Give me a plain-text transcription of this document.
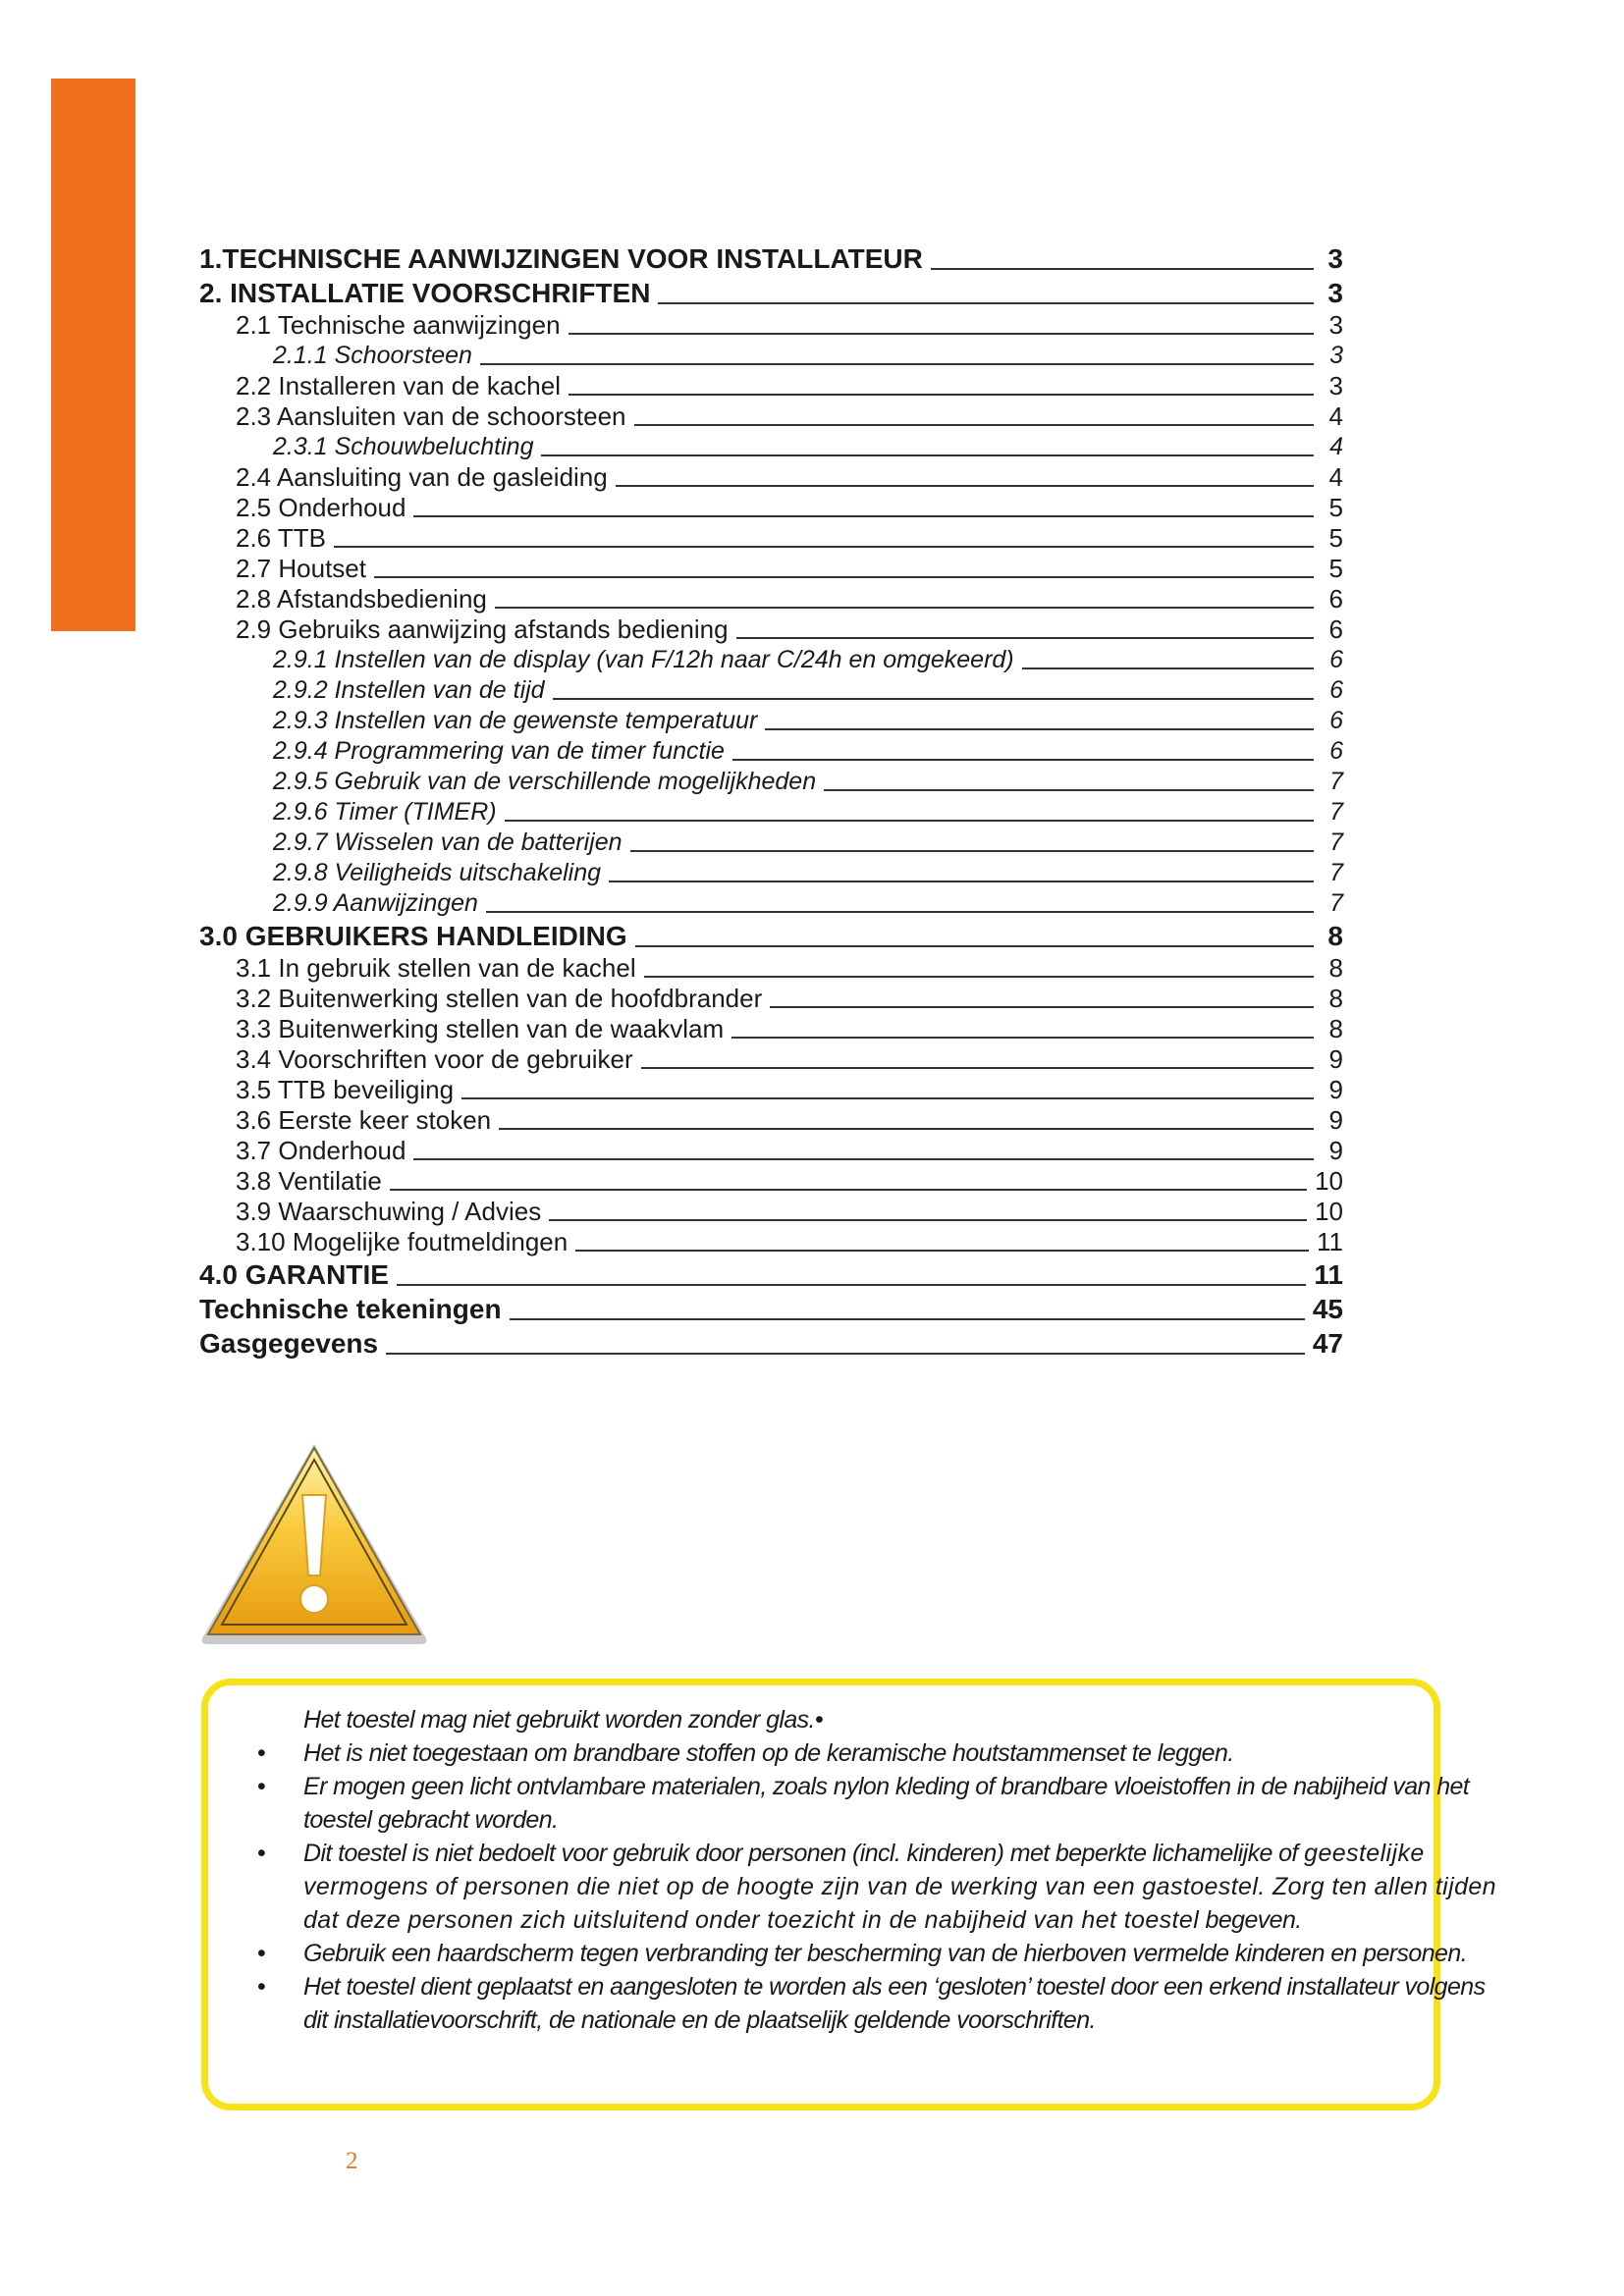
1.TECHNISCHE AANWIJZINGEN VOOR INSTALLATEUR	3
2. INSTALLATIE VOORSCHRIFTEN	3
2.1 Technische aanwijzingen	3
2.1.1 Schoorsteen	3
2.2 Installeren van de kachel	3
2.3 Aansluiten van de schoorsteen	4
2.3.1 Schouwbeluchting	4
2.4 Aansluiting van de gasleiding	4
2.5 Onderhoud	5
2.6 TTB	5
2.7 Houtset	5
2.8 Afstandsbediening	6
2.9 Gebruiks aanwijzing afstands bediening	6
2.9.1 Instellen van de display (van F/12h naar C/24h en omgekeerd)	6
2.9.2 Instellen van de tijd	6
2.9.3 Instellen van de gewenste temperatuur	6
2.9.4 Programmering van de timer functie	6
2.9.5 Gebruik van de verschillende mogelijkheden	7
2.9.6 Timer (TIMER)	7
2.9.7 Wisselen van de batterijen	7
2.9.8 Veiligheids uitschakeling	7
2.9.9 Aanwijzingen	7
3.0 GEBRUIKERS HANDLEIDING	8
3.1 In gebruik stellen van de kachel	8
3.2 Buitenwerking stellen van de hoofdbrander	8
3.3 Buitenwerking stellen van de waakvlam	8
3.4 Voorschriften voor de gebruiker	9
3.5 TTB beveiliging	9
3.6 Eerste keer stoken	9
3.7 Onderhoud	9
3.8 Ventilatie	10
3.9 Waarschuwing / Advies	10
3.10 Mogelijke foutmeldingen	11
4.0 GARANTIE	11
Technische tekeningen	45
Gasgegevens	47
Het toestel mag niet gebruikt worden zonder glas.•
• Het is niet toegestaan om brandbare stoffen op de keramische houtstammenset te leggen.
• Er mogen geen licht ontvlambare materialen, zoals nylon kleding of brandbare vloeistoffen in de nabijheid van het toestel gebracht worden.
• Dit toestel is niet bedoelt voor gebruik door personen (incl. kinderen) met beperkte lichamelijke of geestelijke vermogens of personen die niet op de hoogte zijn van de werking van een gastoestel. Zorg ten allen tijden dat deze personen zich uitsluitend onder toezicht in de nabijheid van het toestel begeven.
• Gebruik een haardscherm tegen verbranding ter bescherming van de hierboven vermelde kinderen en personen.
• Het toestel dient geplaatst en aangesloten te worden als een ‘gesloten’ toestel door een erkend installateur volgens dit installatievoorschrift, de nationale en de plaatselijk geldende voorschriften.
2
